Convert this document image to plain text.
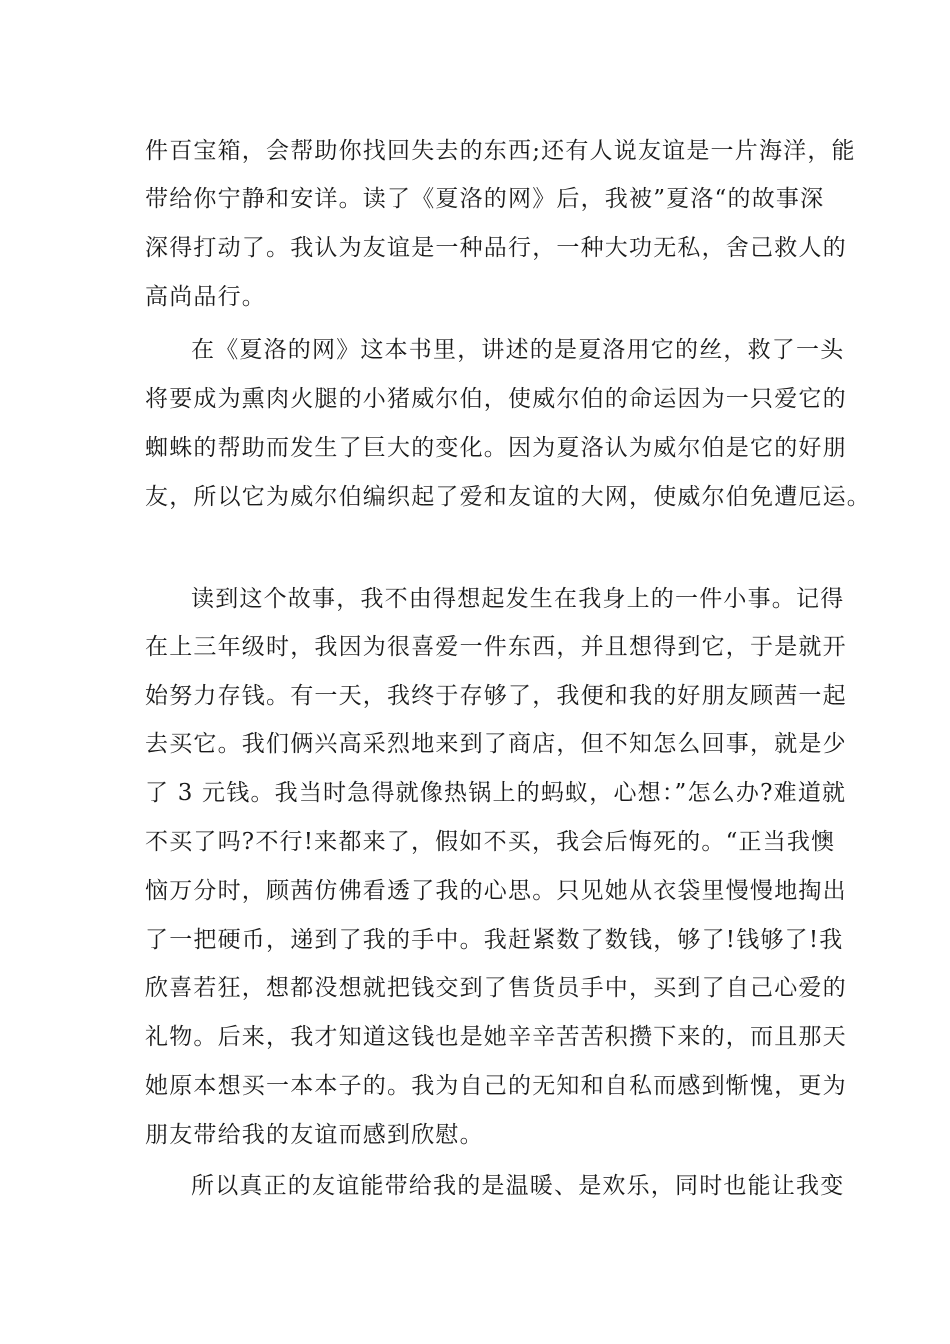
件百宝箱，会帮助你找回失去的东西;还有人说友谊是一片海洋，能
带给你宁静和安详。读了《夏洛的网》后，我被”夏洛“的故事深
深得打动了。我认为友谊是一种品行，一种大功无私，舍己救人的
高尚品行。
在《夏洛的网》这本书里，讲述的是夏洛用它的丝，救了一头
将要成为熏肉火腿的小猪威尔伯，使威尔伯的命运因为一只爱它的
蜘蛛的帮助而发生了巨大的变化。因为夏洛认为威尔伯是它的好朋
友，所以它为威尔伯编织起了爱和友谊的大网，使威尔伯免遭厄运。
读到这个故事，我不由得想起发生在我身上的一件小事。记得
在上三年级时，我因为很喜爱一件东西，并且想得到它，于是就开
始努力存钱。有一天，我终于存够了，我便和我的好朋友顾茜一起
去买它。我们俩兴高采烈地来到了商店，但不知怎么回事，就是少
了 3 元钱。我当时急得就像热锅上的蚂蚁，心想：”怎么办?难道就
不买了吗?不行!来都来了，假如不买，我会后悔死的。“正当我懊
恼万分时，顾茜仿佛看透了我的心思。只见她从衣袋里慢慢地掏出
了一把硬币，递到了我的手中。我赶紧数了数钱，够了!钱够了!我
欣喜若狂，想都没想就把钱交到了售货员手中，买到了自己心爱的
礼物。后来，我才知道这钱也是她辛辛苦苦积攒下来的，而且那天
她原本想买一本本子的。我为自己的无知和自私而感到惭愧，更为
朋友带给我的友谊而感到欣慰。
所以真正的友谊能带给我的是温暖、是欢乐，同时也能让我变
